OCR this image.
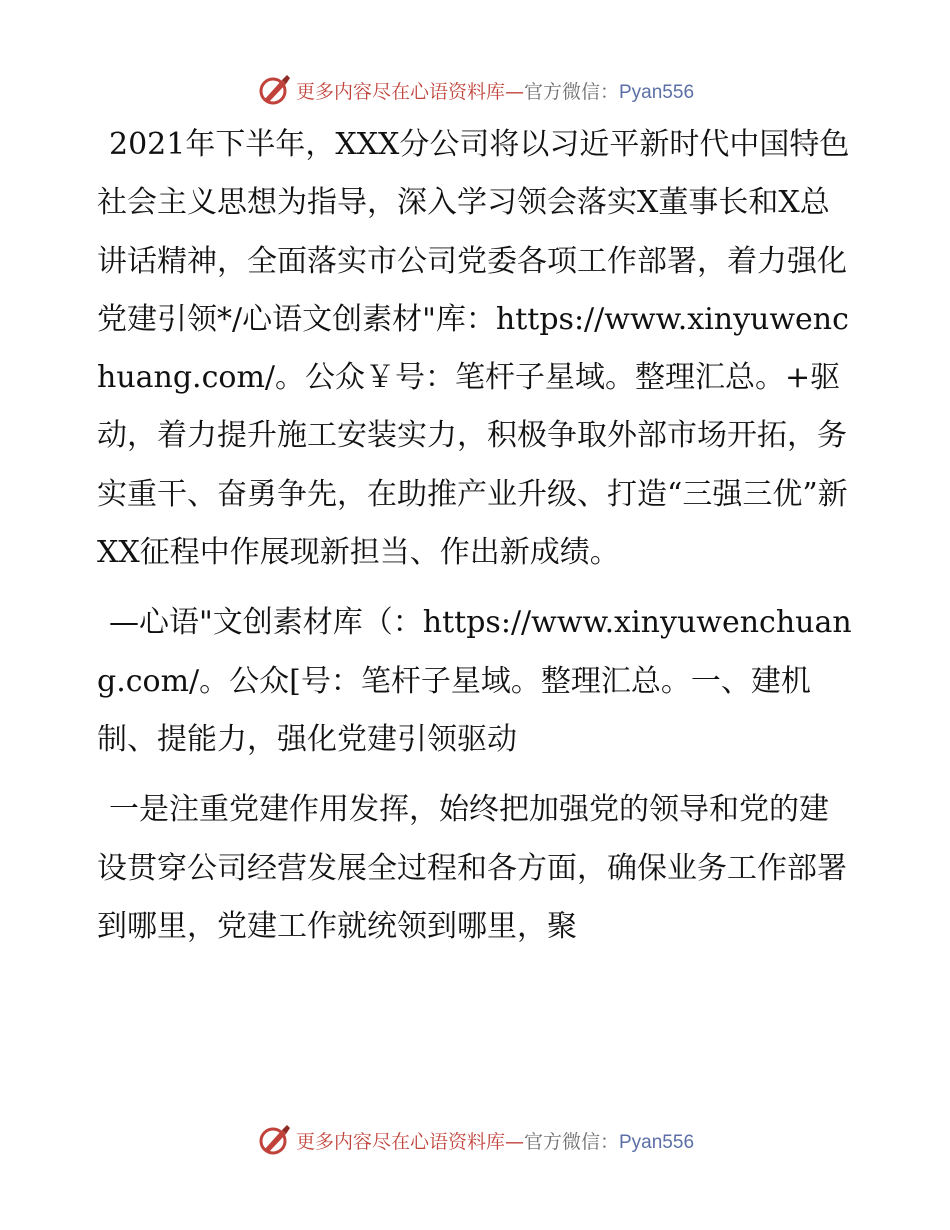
更多内容尽在心语资料库—官方微信：Pyan556

2021年下半年，XXX分公司将以习近平新时代中国特色社会主义思想为指导，深入学习领会落实X董事长和X总讲话精神，全面落实市公司党委各项工作部署，着力强化党建引领*/心语文创素材"库：https://www.xinyuwenchuang.com/。公众￥号：笔杆子星域。整理汇总。+驱动，着力提升施工安装实力，积极争取外部市场开拓，务实重干、奋勇争先，在助推产业升级、打造“三强三优”新XX征程中作展现新担当、作出新成绩。

—心语"文创素材库（：https://www.xinyuwenchuang.com/。公众[号：笔杆子星域。整理汇总。一、建机制、提能力，强化党建引领驱动

一是注重党建作用发挥，始终把加强党的领导和党的建设贯穿公司经营发展全过程和各方面，确保业务工作部署到哪里，党建工作就统领到哪里，聚

更多内容尽在心语资料库—官方微信：Pyan556
